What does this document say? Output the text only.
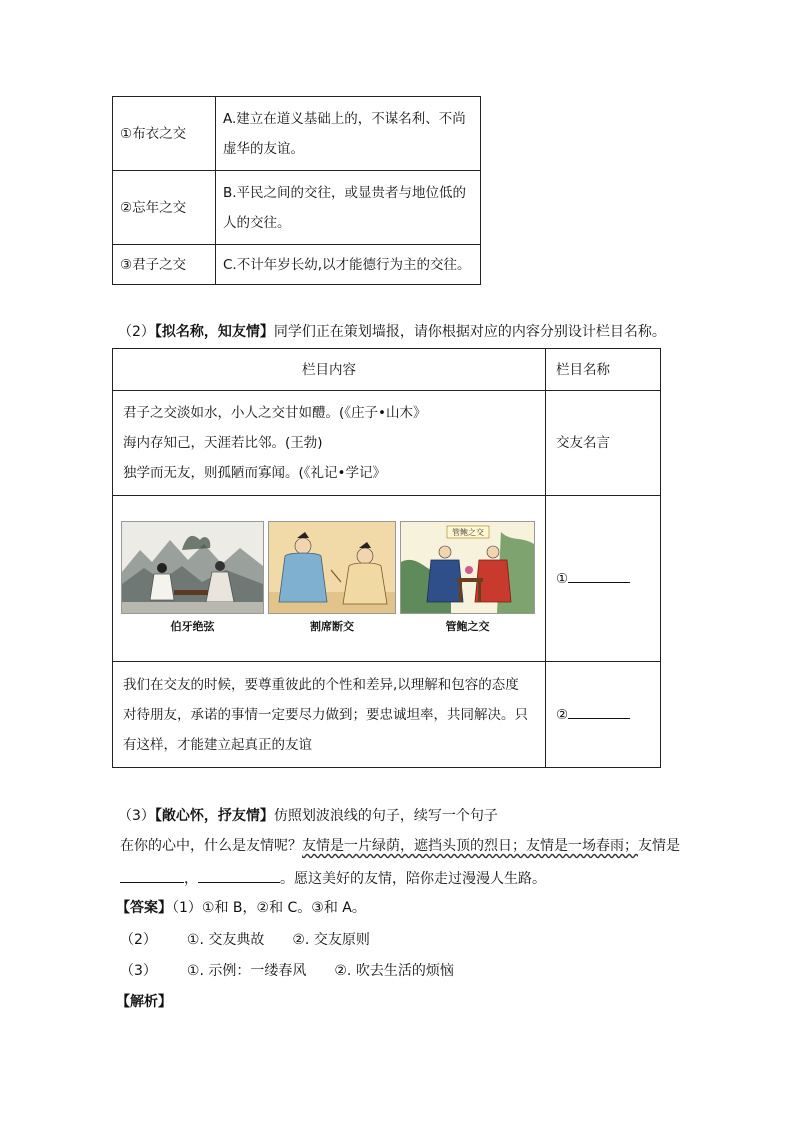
①布衣之交	A.建立在道义基础上的，不谋名利、不尚
虚华的友谊。

②忘年之交	B.平民之间的交往，或显贵者与地位低的
人的交往。

③君子之交	C.不计年岁长幼,以才能德行为主的交往。
（2）【拟名称，知友情】同学们正在策划墙报，请你根据对应的内容分别设计栏目名称。
栏目内容	栏目名称

君子之交淡如水，小人之交甘如醴。(《庄子•山木》
海内存知己，天涯若比邻。(王勃)
独学而无友，则孤陋而寡闻。(《礼记•学记》	交友名言

伯牙绝弦 割席断交
管鲍之交
管鲍之交	①

我们在交友的时候，要尊重彼此的个性和差异,以理解和包容的态度
对待朋友，承诺的事情一定要尽力做到；要忠诚坦率，共同解决。只
有这样，才能建立起真正的友谊	②
（3）【敞心怀，抒友情】仿照划波浪线的句子，续写一个句子
在你的心中，什么是友情呢？友情是一片绿荫，遮挡头顶的烈日；友情是一场春雨；友情是
，	。愿这美好的友情，陪你走过漫漫人生路。
【答案】（1）①和 B，②和 C。③和 A。
（2） ①. 交友典故 ②. 交友原则
（3） ①. 示例：一缕春风 ②. 吹去生活的烦恼
【解析】
